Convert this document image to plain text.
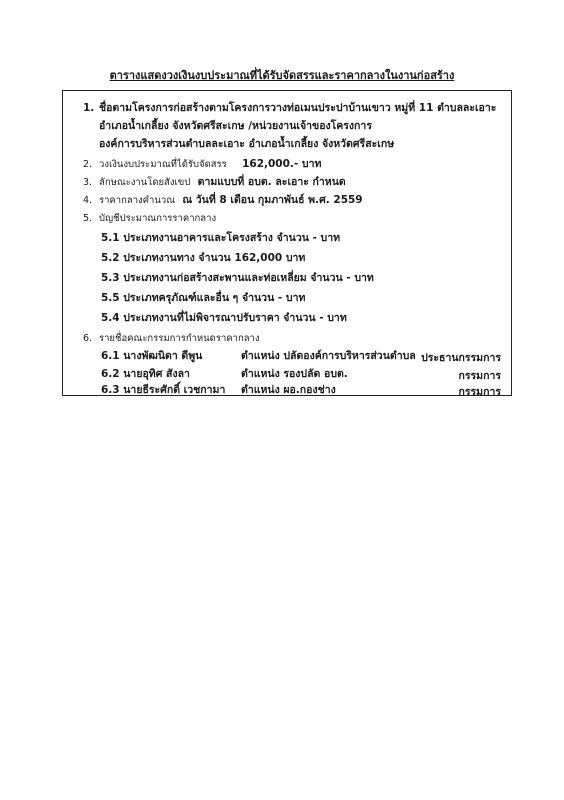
ตารางแสดงวงเงินงบประมาณที่ได้รับจัดสรรและราคากลางในงานก่อสร้าง
1. ชื่อตามโครงการก่อสร้างตามโครงการวางท่อเมนประปาบ้านเขาว หมู่ที่ 11 ตำบลละเอาะ
อำเภอน้ำเกลี้ยง จังหวัดศรีสะเกษ /หน่วยงานเจ้าของโครงการ
องค์การบริหารส่วนตำบลละเอาะ อำเภอน้ำเกลี้ยง จังหวัดศรีสะเกษ
2. วงเงินงบประมาณที่ได้รับจัดสรร 162,000.- บาท
3. ลักษณะงานโดยสังเขป ตามแบบที่ อบต. ละเอาะ กำหนด
4. ราคากลางคำนวณ ณ วันที่ 8 เดือน กุมภาพันธ์ พ.ศ. 2559
5. บัญชีประมาณการราคากลาง
5.1 ประเภทงานอาคารและโครงสร้าง จำนวน - บาท
5.2 ประเภทงานทาง จำนวน 162,000 บาท
5.3 ประเภทงานก่อสร้างสะพานและท่อเหลี่ยม จำนวน - บาท
5.5 ประเภทครุภัณฑ์และอื่น ๆ จำนวน - บาท
5.4 ประเภทงานที่ไม่พิจารณาปรับราคา จำนวน - บาท
6. รายชื่อคณะกรรมการกำหนดราคากลาง
6.1 นางพัฒนิดา ดีพูน	ตำแหน่ง ปลัดองค์การบริหารส่วนตำบล ประธานกรรมการ
6.2 นายอุทิศ สังลา	ตำแหน่ง รองปลัด อบต.	กรรมการ
6.3 นายธีระศักดิ์ เวชกามา ตำแหน่ง ผอ.กองช่าง	กรรมการ
